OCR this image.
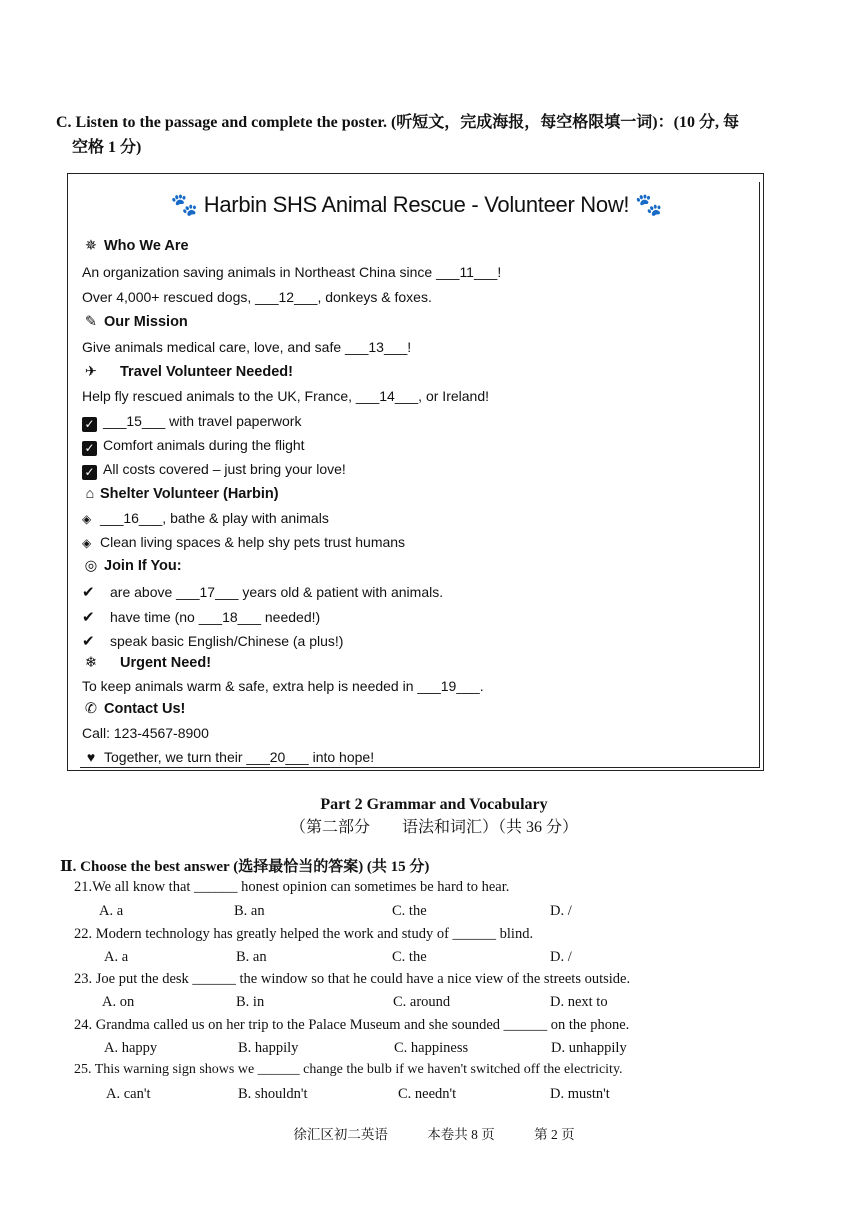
C. Listen to the passage and complete the poster. (听短文，完成海报，每空格限填一词)：(10 分, 每
空格 1 分)
🐾 Harbin SHS Animal Rescue - Volunteer Now! 🐾
✵ Who We Are
An organization saving animals in Northeast China since ___11___!
Over 4,000+ rescued dogs, ___12___, donkeys & foxes.
✎ Our Mission
Give animals medical care, love, and safe ___13___!
✈ Travel Volunteer Needed!
Help fly rescued animals to the UK, France, ___14___, or Ireland!
✓ ___15___ with travel paperwork
✓ Comfort animals during the flight
✓ All costs covered – just bring your love!
⌂ Shelter Volunteer (Harbin)
◈ ___16___, bathe & play with animals
◈ Clean living spaces & help shy pets trust humans
◎ Join If You:
✔ are above ___17___ years old & patient with animals.
✔ have time (no ___18___ needed!)
✔ speak basic English/Chinese (a plus!)
❄ Urgent Need!
To keep animals warm & safe, extra help is needed in ___19___.
✆ Contact Us!
Call: 123-4567-8900
♥ Together, we turn their ___20___ into hope!
Part 2 Grammar and Vocabulary
（第二部分　　语法和词汇）（共 36 分）
Ⅱ. Choose the best answer (选择最恰当的答案) (共 15 分)
21.We all know that ______ honest opinion can sometimes be hard to hear.
A. a	B. an	C. the	D. /
22. Modern technology has greatly helped the work and study of ______ blind.
A. a	B. an	C. the	D. /
23. Joe put the desk ______ the window so that he could have a nice view of the streets outside.
A. on	B. in	C. around	D. next to
24. Grandma called us on her trip to the Palace Museum and she sounded ______ on the phone.
A. happy	B. happily	C. happiness	D. unhappily
25. This warning sign shows we ______ change the bulb if we haven't switched off the electricity.
A. can't	B. shouldn't	C. needn't	D. mustn't
徐汇区初二英语	本卷共 8 页	第 2 页
